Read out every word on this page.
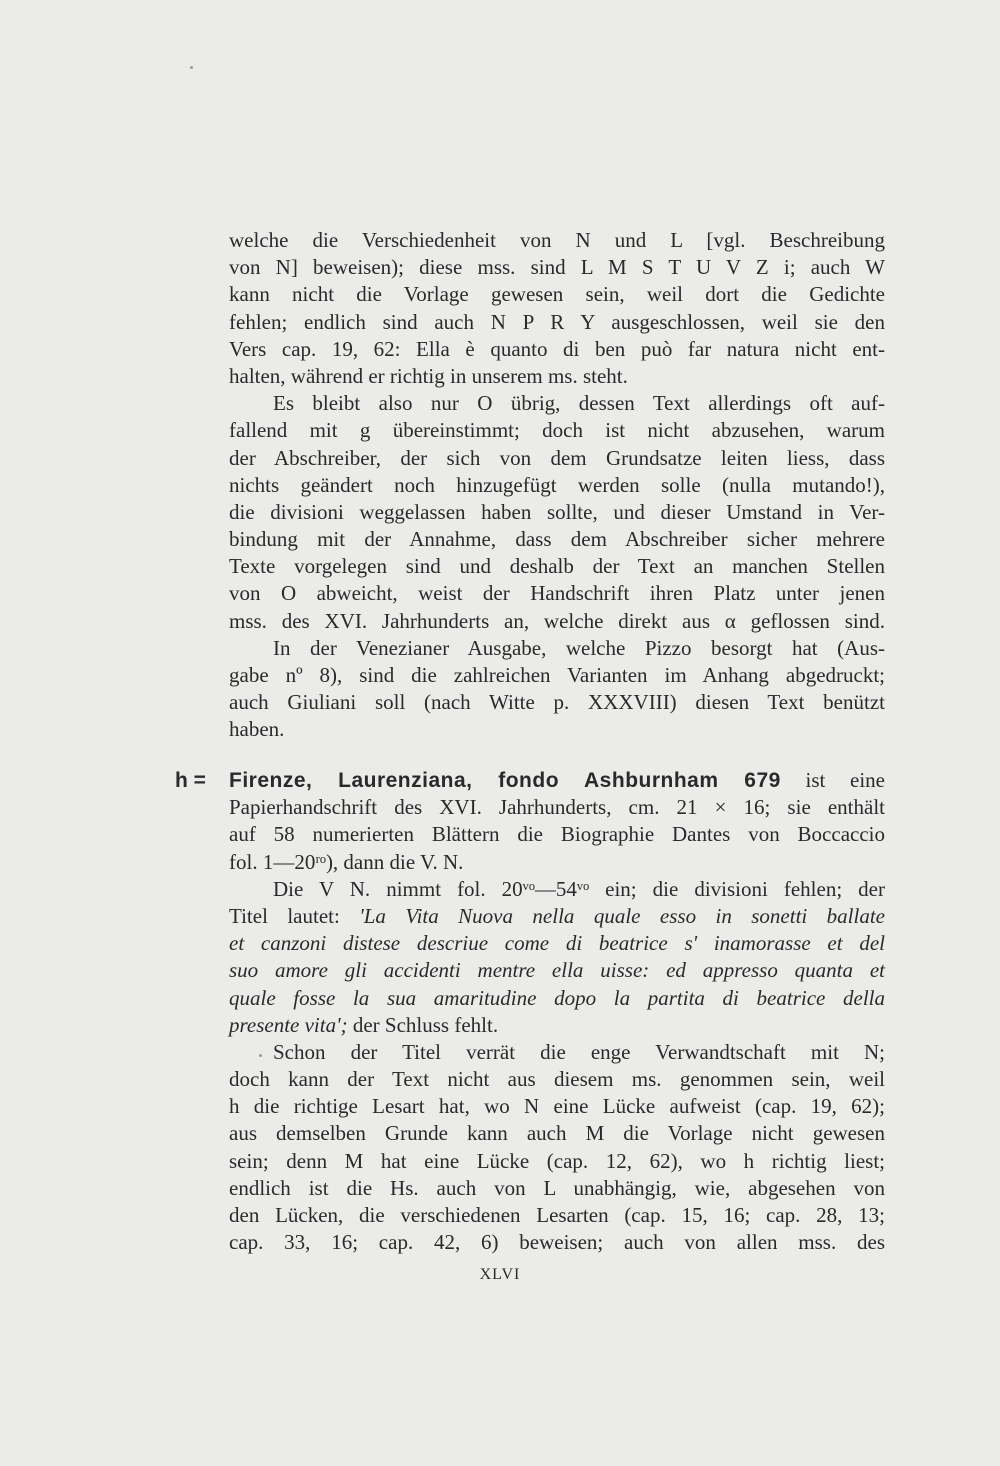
welche die Verschiedenheit von N und L [vgl. Beschreibung
von N] beweisen); diese mss. sind L M S T U V Z i; auch W
kann nicht die Vorlage gewesen sein, weil dort die Gedichte
fehlen; endlich sind auch N P R Y ausgeschlossen, weil sie den
Vers cap. 19, 62: Ella è quanto di ben può far natura nicht ent-
halten, während er richtig in unserem ms. steht.
Es bleibt also nur O übrig, dessen Text allerdings oft auf-
fallend mit g übereinstimmt; doch ist nicht abzusehen, warum
der Abschreiber, der sich von dem Grundsatze leiten liess, dass
nichts geändert noch hinzugefügt werden solle (nulla mutando!),
die divisioni weggelassen haben sollte, und dieser Umstand in Ver-
bindung mit der Annahme, dass dem Abschreiber sicher mehrere
Texte vorgelegen sind und deshalb der Text an manchen Stellen
von O abweicht, weist der Handschrift ihren Platz unter jenen
mss. des XVI. Jahrhunderts an, welche direkt aus α geflossen sind.
In der Venezianer Ausgabe, welche Pizzo besorgt hat (Aus-
gabe nº 8), sind die zahlreichen Varianten im Anhang abgedruckt;
auch Giuliani soll (nach Witte p. XXXVIII) diesen Text benützt
haben.
h = Firenze, Laurenziana, fondo Ashburnham 679 ist eine
Papierhandschrift des XVI. Jahrhunderts, cm. 21 × 16; sie enthält
auf 58 numerierten Blättern die Biographie Dantes von Boccaccio
fol. 1—20ʳᵒ), dann die V. N.
Die V N. nimmt fol. 20ᵛᵒ—54ᵛᵒ ein; die divisioni fehlen; der
Titel lautet: 'La Vita Nuova nella quale esso in sonetti ballate
et canzoni distese descriue come di beatrice s' inamorasse et del
suo amore gli accidenti mentre ella uisse: ed appresso quanta et
quale fosse la sua amaritudine dopo la partita di beatrice della
presente vita'; der Schluss fehlt.
Schon der Titel verrät die enge Verwandtschaft mit N;
doch kann der Text nicht aus diesem ms. genommen sein, weil
h die richtige Lesart hat, wo N eine Lücke aufweist (cap. 19, 62);
aus demselben Grunde kann auch M die Vorlage nicht gewesen
sein; denn M hat eine Lücke (cap. 12, 62), wo h richtig liest;
endlich ist die Hs. auch von L unabhängig, wie, abgesehen von
den Lücken, die verschiedenen Lesarten (cap. 15, 16; cap. 28, 13;
cap. 33, 16; cap. 42, 6) beweisen; auch von allen mss. des
XLVI
